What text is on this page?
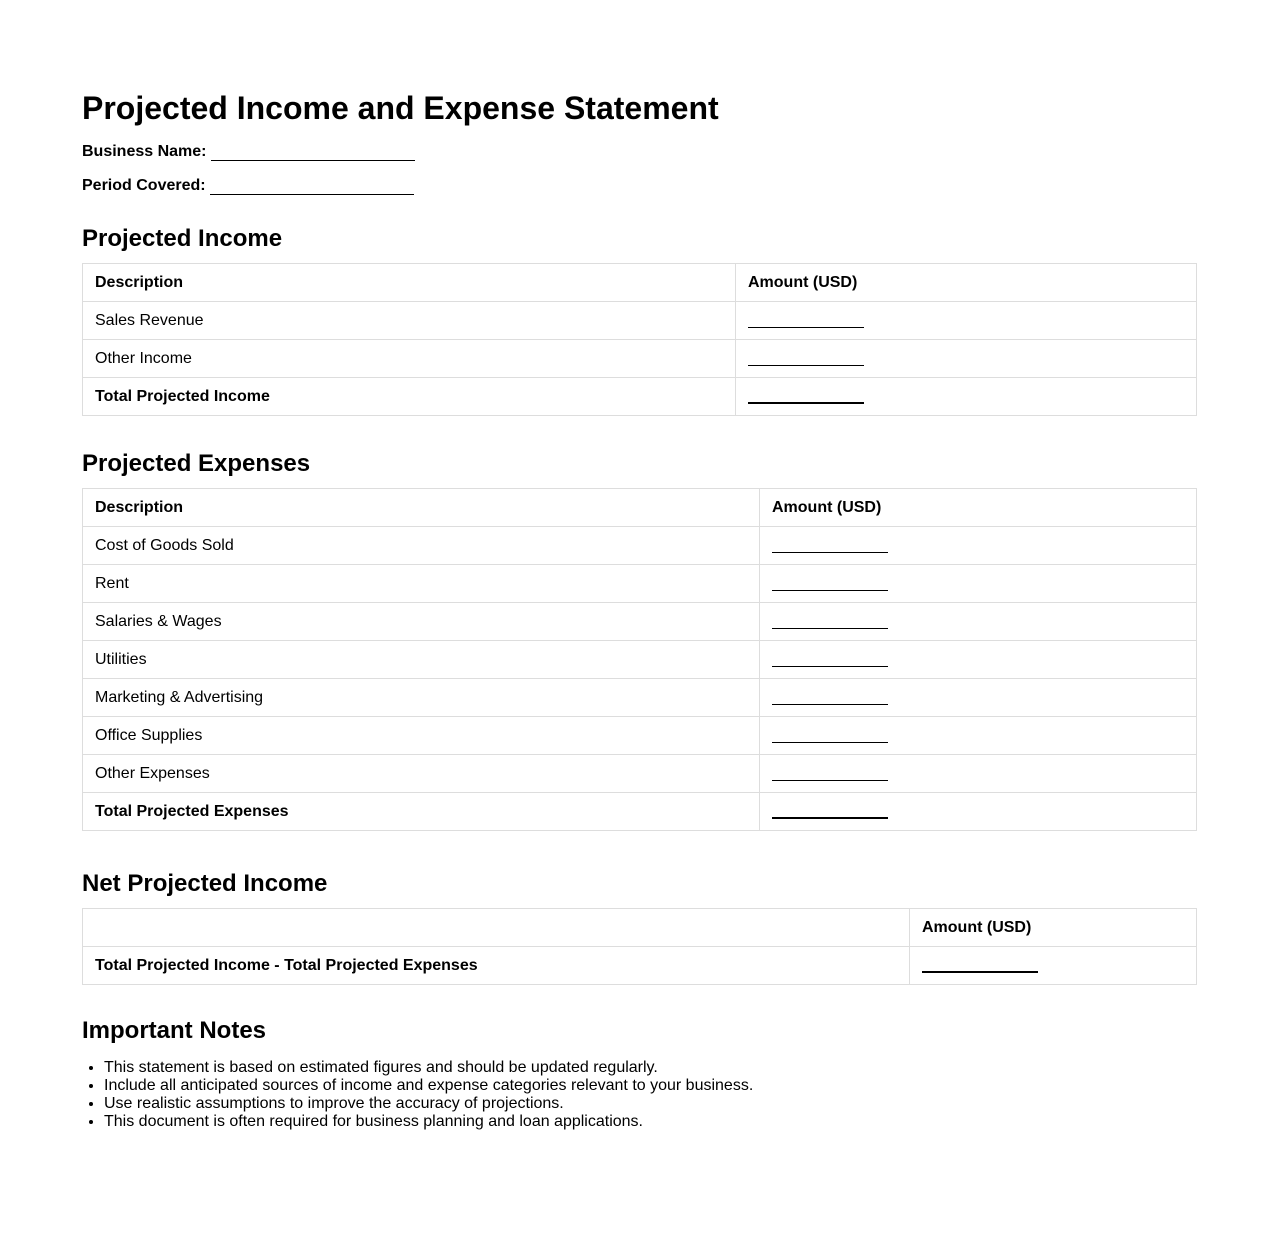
Projected Income and Expense Statement
Business Name:
Period Covered:
Projected Income
Description	Amount (USD)
Sales Revenue	
Other Income	
Total Projected Income	
Projected Expenses
Description	Amount (USD)
Cost of Goods Sold	
Rent	
Salaries & Wages	
Utilities	
Marketing & Advertising	
Office Supplies	
Other Expenses	
Total Projected Expenses	
Net Projected Income
	Amount (USD)
Total Projected Income - Total Projected Expenses	
Important Notes
• This statement is based on estimated figures and should be updated regularly.
• Include all anticipated sources of income and expense categories relevant to your business.
• Use realistic assumptions to improve the accuracy of projections.
• This document is often required for business planning and loan applications.
